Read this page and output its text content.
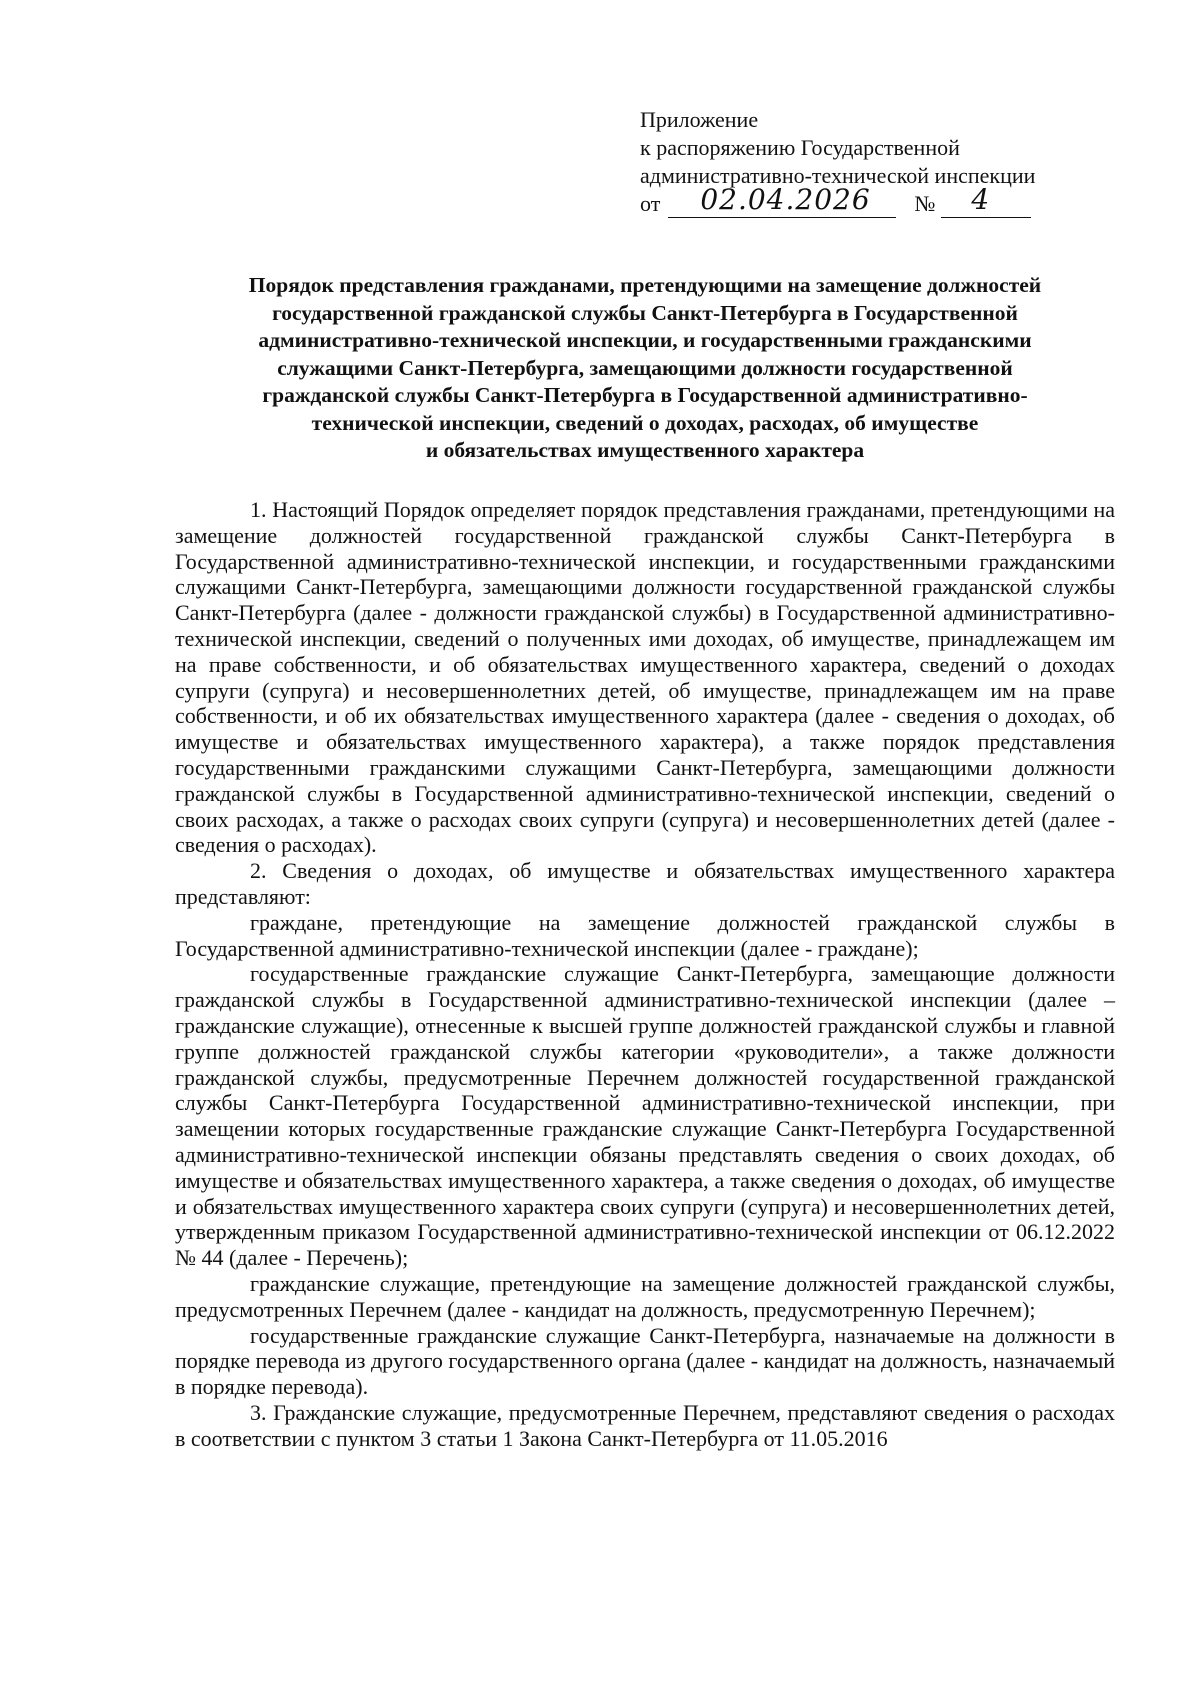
Приложение
к распоряжению Государственной
административно-технической инспекции
от 02.04.2026 № 4
Порядок представления гражданами, претендующими на замещение должностей
государственной гражданской службы Санкт-Петербурга в Государственной
административно-технической инспекции, и государственными гражданскими
служащими Санкт-Петербурга, замещающими должности государственной
гражданской службы Санкт-Петербурга в Государственной административно-
технической инспекции, сведений о доходах, расходах, об имуществе
и обязательствах имущественного характера

1. Настоящий Порядок определяет порядок представления гражданами, претендующими на замещение должностей государственной гражданской службы Санкт-Петербурга в Государственной административно-технической инспекции, и государственными гражданскими служащими Санкт-Петербурга, замещающими должности государственной гражданской службы Санкт-Петербурга (далее - должности гражданской службы) в Государственной административно-технической инспекции, сведений о полученных ими доходах, об имуществе, принадлежащем им на праве собственности, и об обязательствах имущественного характера, сведений о доходах супруги (супруга) и несовершеннолетних детей, об имуществе, принадлежащем им на праве собственности, и об их обязательствах имущественного характера (далее - сведения о доходах, об имуществе и обязательствах имущественного характера), а также порядок представления государственными гражданскими служащими Санкт-Петербурга, замещающими должности гражданской службы в Государственной административно-технической инспекции, сведений о своих расходах, а также о расходах своих супруги (супруга) и несовершеннолетних детей (далее - сведения о расходах).

2. Сведения о доходах, об имуществе и обязательствах имущественного характера представляют:

граждане, претендующие на замещение должностей гражданской службы в Государственной административно-технической инспекции (далее - граждане);

государственные гражданские служащие Санкт-Петербурга, замещающие должности гражданской службы в Государственной административно-технической инспекции (далее – гражданские служащие), отнесенные к высшей группе должностей гражданской службы и главной группе должностей гражданской службы категории «руководители», а также должности гражданской службы, предусмотренные Перечнем должностей государственной гражданской службы Санкт-Петербурга Государственной административно-технической инспекции, при замещении которых государственные гражданские служащие Санкт-Петербурга Государственной административно-технической инспекции обязаны представлять сведения о своих доходах, об имуществе и обязательствах имущественного характера, а также сведения о доходах, об имуществе и обязательствах имущественного характера своих супруги (супруга) и несовершеннолетних детей, утвержденным приказом Государственной административно-технической инспекции от 06.12.2022 № 44 (далее - Перечень);

гражданские служащие, претендующие на замещение должностей гражданской службы, предусмотренных Перечнем (далее - кандидат на должность, предусмотренную Перечнем);

государственные гражданские служащие Санкт-Петербурга, назначаемые на должности в порядке перевода из другого государственного органа (далее - кандидат на должность, назначаемый в порядке перевода).

3. Гражданские служащие, предусмотренные Перечнем, представляют сведения о расходах в соответствии с пунктом 3 статьи 1 Закона Санкт-Петербурга от 11.05.2016
